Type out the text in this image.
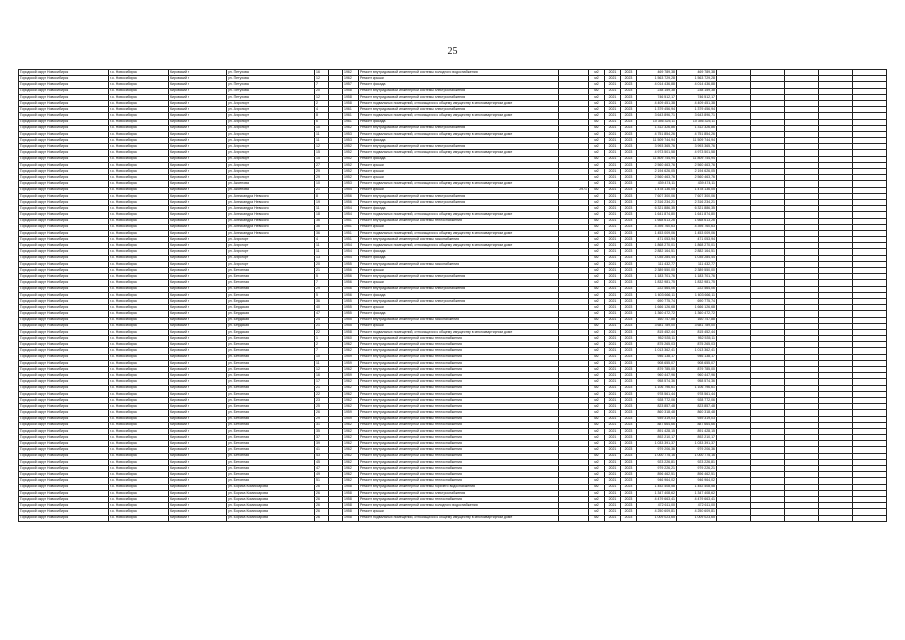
25
Городской округ Новосибирск	г.о. Новосибирск	Кировский г	ул. Петухова	16		1962	Ремонт внутридомовой инженерной системы холодного водоснабжения		м2	2021	2023	469 789,38	469 789,38					
Городской округ Новосибирск	г.о. Новосибирск	Кировский г	ул. Петухова	12		1962	Ремонт крыши		м2	2021	2023	1 563 729,28	1 563 729,28					
Городской округ Новосибирск	г.о. Новосибирск	Кировский г	ул. Петухова	7		1957	Ремонт фасада		м2	2021	2023	4 014 436,88	4 014 436,88					
Городской округ Новосибирск	г.о. Новосибирск	Кировский г	ул. Петухова	20		1958	Ремонт внутридомовой инженерной системы электроснабжения		м2	2021	2023	238 159,38	238 159,38					
Городской округ Новосибирск	г.о. Новосибирск	Кировский г	ул. Петухова	12		1958	Ремонт внутридомовой инженерной системы электроснабжения		м2	2021	2023	746 512,17	746 512,17					
Городской округ Новосибирск	г.о. Новосибирск	Кировский г	ул. Аэропорт	2		1958	Ремонт подвальных помещений, относящихся к общему имуществу в многоквартирном доме		м2	2021	2023	4 409 451,38	4 409 451,38					
Городской округ Новосибирск	г.о. Новосибирск	Кировский г	ул. Аэропорт	4		1961	Ремонт внутридомовой инженерной системы электроснабжения		м2	2021	2023	1 379 456,94	1 379 456,94					
Городской округ Новосибирск	г.о. Новосибирск	Кировский г	ул. Аэропорт	8		1961	Ремонт подвальных помещений, относящихся к общему имуществу в многоквартирном доме		м2	2021	2023	3 643 896,71	3 643 896,71					
Городской округ Новосибирск	г.о. Новосибирск	Кировский г	ул. Аэропорт	6		1961	Ремонт фасада		м2	2021	2023	10 356 325,11	10 356 325,11					
Городской округ Новосибирск	г.о. Новосибирск	Кировский г	ул. Аэропорт	10		1962	Ремонт внутридомовой инженерной системы электроснабжения		м2	2021	2023	1 312 326,86	1 312 326,86					
Городской округ Новосибирск	г.о. Новосибирск	Кировский г	ул. Аэропорт	11		1953	Ремонт подвальных помещений, относящихся к общему имуществу в многоквартирном доме		м2	2021	2023	4 751 854,26	4 751 854,26					
Городской округ Новосибирск	г.о. Новосибирск	Кировский г	ул. Аэропорт	11		1953	Ремонт фасада		м2	2021	2023	11 509 744,94	11 509 744,94					
Городской округ Новосибирск	г.о. Новосибирск	Кировский г	ул. Аэропорт	12		1952	Ремонт внутридомовой инженерной системы электроснабжения		м2	2021	2023	3 993 365,76	3 993 365,76					
Городской округ Новосибирск	г.о. Новосибирск	Кировский г	ул. Аэропорт	15		1952	Ремонт подвальных помещений, относящихся к общему имуществу в многоквартирном доме		м2	2021	2023	4 973 501,58	4 973 501,58					
Городской округ Новосибирск	г.о. Новосибирск	Кировский г	ул. Аэропорт	15		1952	Ремонт фасада		м2	2021	2023	11 809 744,94	11 809 744,94					
Городской округ Новосибирск	г.о. Новосибирск	Кировский г	ул. Аэропорт	27		1952	Ремонт крыши		м2	2021	2023	2 560 463,76	2 560 463,76					
Городской округ Новосибирск	г.о. Новосибирск	Кировский г	ул. Аэропорт	29		1952	Ремонт крыши		м2	2021	2023	2 194 626,05	2 194 626,05					
Городской округ Новосибирск	г.о. Новосибирск	Кировский г	ул. Аэропорт	29		1952	Ремонт крыши		м2	2021	2023	2 560 463,76	2 560 463,76					
Городской округ Новосибирск	г.о. Новосибирск	Кировский г	ул. Аксенова	10		1953	Ремонт подвальных помещений, относящихся к общему имуществу в многоквартирном доме		м2	2021	2023	439 474,11	439 474,11					
Городской округ Новосибирск	г.о. Новосибирск	Кировский г	ул. Аксенова	21		1954	Ремонт крыши	2971	м2	2021	2023	1 478 136,05	1 478 136,05					
Городской округ Новосибирск	г.о. Новосибирск	Кировский г	ул. Александра Невского	8		1956	Ремонт внутридомовой инженерной системы электроснабжения		м2	2021	2023	7 607 300,06	7 607 300,06					
Городской округ Новосибирск	г.о. Новосибирск	Кировский г	ул. Александра Невского	19		1956	Ремонт внутридомовой инженерной системы электроснабжения		м2	2021	2023	2 316 234,21	2 316 234,21					
Городской округ Новосибирск	г.о. Новосибирск	Кировский г	ул. Александра Невского	11		1954	Ремонт фасада		м2	2021	2023	6 321 886,35	6 321 886,35					
Городской округ Новосибирск	г.о. Новосибирск	Кировский г	ул. Александра Невского	18		1954	Ремонт подвальных помещений, относящихся к общему имуществу в многоквартирном доме		м2	2021	2023	1 641 874,80	1 641 874,80					
Городской округ Новосибирск	г.о. Новосибирск	Кировский г	ул. Александра Невского	36		1951	Ремонт внутридомовой инженерной системы теплоснабжения		м2	2021	2023	1 668 613,26	1 668 613,26					
Городской округ Новосибирск	г.о. Новосибирск	Кировский г	ул. Александра Невского	36		1951	Ремонт крыши		м2	2021	2023	4 395 760,63	4 395 760,63					
Городской округ Новосибирск	г.о. Новосибирск	Кировский г	ул. Александра Невского	36		1951	Ремонт подвальных помещений, относящихся к общему имуществу в многоквартирном доме		м2	2021	2023	1 453 009,06	1 453 009,06					
Городской округ Новосибирск	г.о. Новосибирск	Кировский г	ул. Аэрогорт	4		1951	Ремонт внутридомовой инженерной системы газоснабжения		м2	2021	2023	471 053,94	471 053,94					
Городской округ Новосибирск	г.о. Новосибирск	Кировский г	ул. Аэрогорт	11		1954	Ремонт подвальных помещений, относящихся к общему имуществу в многоквартирном доме		м2	2021	2023	1 868 270,01	1 868 270,01					
Городской округ Новосибирск	г.о. Новосибирск	Кировский г	ул. Аэрогорт	11		1954	Ремонт фасада		м2	2021	2023	2 882 164,51	2 882 164,51					
Городской округ Новосибирск	г.о. Новосибирск	Кировский г	ул. Аэрогорт	13		1954	Ремонт фасада		м2	2021	2023	1 035 284,44	1 035 284,44					
Городской округ Новосибирск	г.о. Новосибирск	Кировский г	ул. Аэрогорт	20		1955	Ремонт внутридомовой инженерной системы газоснабжения		м2	2021	2023	111 432,77	111 432,77					
Городской округ Новосибирск	г.о. Новосибирск	Кировский г	ул. Бетонная	21		1956	Ремонт крыши		м2	2021	2023	2 389 550,00	2 389 550,00					
Городской округ Новосибирск	г.о. Новосибирск	Кировский г	ул. Бетонная	5		1956	Ремонт внутридомовой инженерной системы электроснабжения		м2	2021	2023	1 183 701,76	1 183 701,76					
Городской округ Новосибирск	г.о. Новосибирск	Кировский г	ул. Бетонная	7		1956	Ремонт крыши		м2	2021	2023	1 832 981,75	1 832 981,75					
Городской округ Новосибирск	г.о. Новосибирск	Кировский г	ул. Бетонная	29		1956	Ремонт внутридомовой инженерной системы электроснабжения		м2	2021	2023	222 464,06	222 464,06					
Городской округ Новосибирск	г.о. Новосибирск	Кировский г	ул. Бетонная	5		1956	Ремонт фасада		м2	2021	2023	1 603 666,11	1 603 666,11					
Городской округ Новосибирск	г.о. Новосибирск	Кировский г	ул. Бердская	36		1955	Ремонт внутридомовой инженерной системы электроснабжения		м2	2021	2023	690 775,74	690 775,74					
Городской округ Новосибирск	г.о. Новосибирск	Кировский г	ул. Бердская	40		1955	Ремонт крыши		м2	2021	2023	1 666 126,68	1 666 126,68					
Городской округ Новосибирск	г.о. Новосибирск	Кировский г	ул. Бердская	47		1955	Ремонт фасада		м2	2021	2023	1 360 472,72	1 360 472,72					
Городской округ Новосибирск	г.о. Новосибирск	Кировский г	ул. Бердская	24		1955	Ремонт внутридомовой инженерной системы газоснабжения		м2	2021	2023	160 747,88	160 747,88					
Городской округ Новосибирск	г.о. Новосибирск	Кировский г	ул. Бердская	21		1955	Ремонт крыши		м2	2021	2023	3 681 789,00	3 681 789,00					
Городской округ Новосибирск	г.о. Новосибирск	Кировский г	ул. Бердская	22		1958	Ремонт подвальных помещений, относящихся к общему имуществу в многоквартирном доме		м2	2021	2023	815 452,44	815 452,44					
Городской округ Новосибирск	г.о. Новосибирск	Кировский г	ул. Бетонная	1		1960	Ремонт внутридомовой инженерной системы теплоснабжения		м2	2021	2023	952 535,11	952 535,11					
Городской округ Новосибирск	г.о. Новосибирск	Кировский г	ул. Бетонная	2		1962	Ремонт внутридомовой инженерной системы теплоснабжения		м2	2021	2023	875 265,03	875 265,03					
Городской округ Новосибирск	г.о. Новосибирск	Кировский г	ул. Бетонная	7		1962	Ремонт внутридомовой инженерной системы теплоснабжения		м2	2021	2023	1 013 362,41	1 013 362,41					
Городской округ Новосибирск	г.о. Новосибирск	Кировский г	ул. Бетонная	10		1959	Ремонт внутридомовой инженерной системы теплоснабжения		м2	2021	2023	946 138,17	946 138,17					
Городской округ Новосибирск	г.о. Новосибирск	Кировский г	ул. Бетонная	11		1959	Ремонт внутридомовой инженерной системы теплоснабжения		м2	2021	2023	908 655,07	908 655,07					
Городской округ Новосибирск	г.о. Новосибирск	Кировский г	ул. Бетонная	12		1962	Ремонт внутридомовой инженерной системы теплоснабжения		м2	2021	2023	879 785,00	879 785,00					
Городской округ Новосибирск	г.о. Новосибирск	Кировский г	ул. Бетонная	16		1959	Ремонт внутридомовой инженерной системы теплоснабжения		м2	2021	2023	960 447,96	960 447,96					
Городской округ Новосибирск	г.о. Новосибирск	Кировский г	ул. Бетонная	17		1962	Ремонт внутридомовой инженерной системы теплоснабжения		м2	2021	2023	958 574,36	958 574,36					
Городской округ Новосибирск	г.о. Новосибирск	Кировский г	ул. Бетонная	21		1962	Ремонт внутридомовой инженерной системы теплоснабжения		м2	2021	2023	1 106 796,61	1 106 796,61					
Городской округ Новосибирск	г.о. Новосибирск	Кировский г	ул. Бетонная	22		1962	Ремонт внутридомовой инженерной системы теплоснабжения		м2	2021	2023	978 561,44	978 561,44					
Городской округ Новосибирск	г.о. Новосибирск	Кировский г	ул. Бетонная	23		1962	Ремонт внутридомовой инженерной системы теплоснабжения		м2	2021	2023	928 772,06	928 772,06					
Городской округ Новосибирск	г.о. Новосибирск	Кировский г	ул. Бетонная	25		1962	Ремонт внутридомовой инженерной системы теплоснабжения		м2	2021	2023	823 857,48	823 857,48					
Городской округ Новосибирск	г.о. Новосибирск	Кировский г	ул. Бетонная	26		1959	Ремонт внутридомовой инженерной системы теплоснабжения		м2	2021	2023	860 318,48	860 318,48					
Городской округ Новосибирск	г.о. Новосибирск	Кировский г	ул. Бетонная	29		1959	Ремонт внутридомовой инженерной системы теплоснабжения		м2	2021	2023	939 319,03	939 319,03					
Городской округ Новосибирск	г.о. Новосибирск	Кировский г	ул. Бетонная	31		1962	Ремонт внутридомовой инженерной системы теплоснабжения		м2	2021	2023	887 664,66	887 664,66					
Городской округ Новосибирск	г.о. Новосибирск	Кировский г	ул. Бетонная	35		1962	Ремонт внутридомовой инженерной системы теплоснабжения		м2	2021	2023	891 428,15	891 428,15					
Городской округ Новосибирск	г.о. Новосибирск	Кировский г	ул. Бетонная	37		1962	Ремонт внутридомовой инженерной системы теплоснабжения		м2	2021	2023	892 210,17	892 210,17					
Городской округ Новосибирск	г.о. Новосибирск	Кировский г	ул. Бетонная	39		1962	Ремонт внутридомовой инженерной системы теплоснабжения		м2	2021	2023	1 033 391,37	1 033 391,37					
Городской округ Новосибирск	г.о. Новосибирск	Кировский г	ул. Бетонная	41		1962	Ремонт внутридомовой инженерной системы теплоснабжения		м2	2021	2023	979 206,36	979 206,36					
Городской округ Новосибирск	г.о. Новосибирск	Кировский г	ул. Бетонная	43		1962	Ремонт внутридомовой инженерной системы теплоснабжения		м2	2021	2023	1 000 775,16	1 000 775,16					
Городской округ Новосибирск	г.о. Новосибирск	Кировский г	ул. Бетонная	45		1962	Ремонт внутридомовой инженерной системы теплоснабжения		м2	2021	2023	923 226,81	923 226,81					
Городской округ Новосибирск	г.о. Новосибирск	Кировский г	ул. Бетонная	47		1962	Ремонт внутридомовой инженерной системы теплоснабжения		м2	2021	2023	979 226,21	979 226,21					
Городской округ Новосибирск	г.о. Новосибирск	Кировский г	ул. Бетонная	49		1962	Ремонт внутридомовой инженерной системы теплоснабжения		м2	2021	2023	896 462,51	896 462,51					
Городской округ Новосибирск	г.о. Новосибирск	Кировский г	ул. Бетонная	51		1962	Ремонт внутридомовой инженерной системы теплоснабжения		м2	2021	2023	946 964,02	946 964,02					
Городской округ Новосибирск	г.о. Новосибирск	Кировский г	ул. Бориса Комиссарова	26		1958	Ремонт внутридомовой инженерной системы горячего водоснабжения		м2	2021	2023	1 452 408,58	1 452 408,58					
Городской округ Новосибирск	г.о. Новосибирск	Кировский г	ул. Бориса Комиссарова	26		1958	Ремонт внутридомовой инженерной системы электроснабжения		м2	2021	2023	1 347 408,62	1 347 408,62					
Городской округ Новосибирск	г.о. Новосибирск	Кировский г	ул. Бориса Комиссарова	26		1958	Ремонт внутридомовой инженерной системы теплоснабжения		м2	2021	2023	4 479 663,41	4 479 663,41					
Городской округ Новосибирск	г.о. Новосибирск	Кировский г	ул. Бориса Комиссарова	26		1958	Ремонт внутридомовой инженерной системы холодного водоснабжения		м2	2021	2023	472 611,00	472 611,00					
Городской округ Новосибирск	г.о. Новосибирск	Кировский г	ул. Бориса Комиссарова	26		1958	Ремонт крыши		м2	2021	2023	4 250 609,81	4 250 609,81					
Городской округ Новосибирск	г.о. Новосибирск	Кировский г	ул. Бориса Комиссарова	26		1958	Ремонт подвальных помещений, относящихся к общему имуществу в многоквартирном доме		м2	2021	2023	1 009 023,65	1 009 023,65					
